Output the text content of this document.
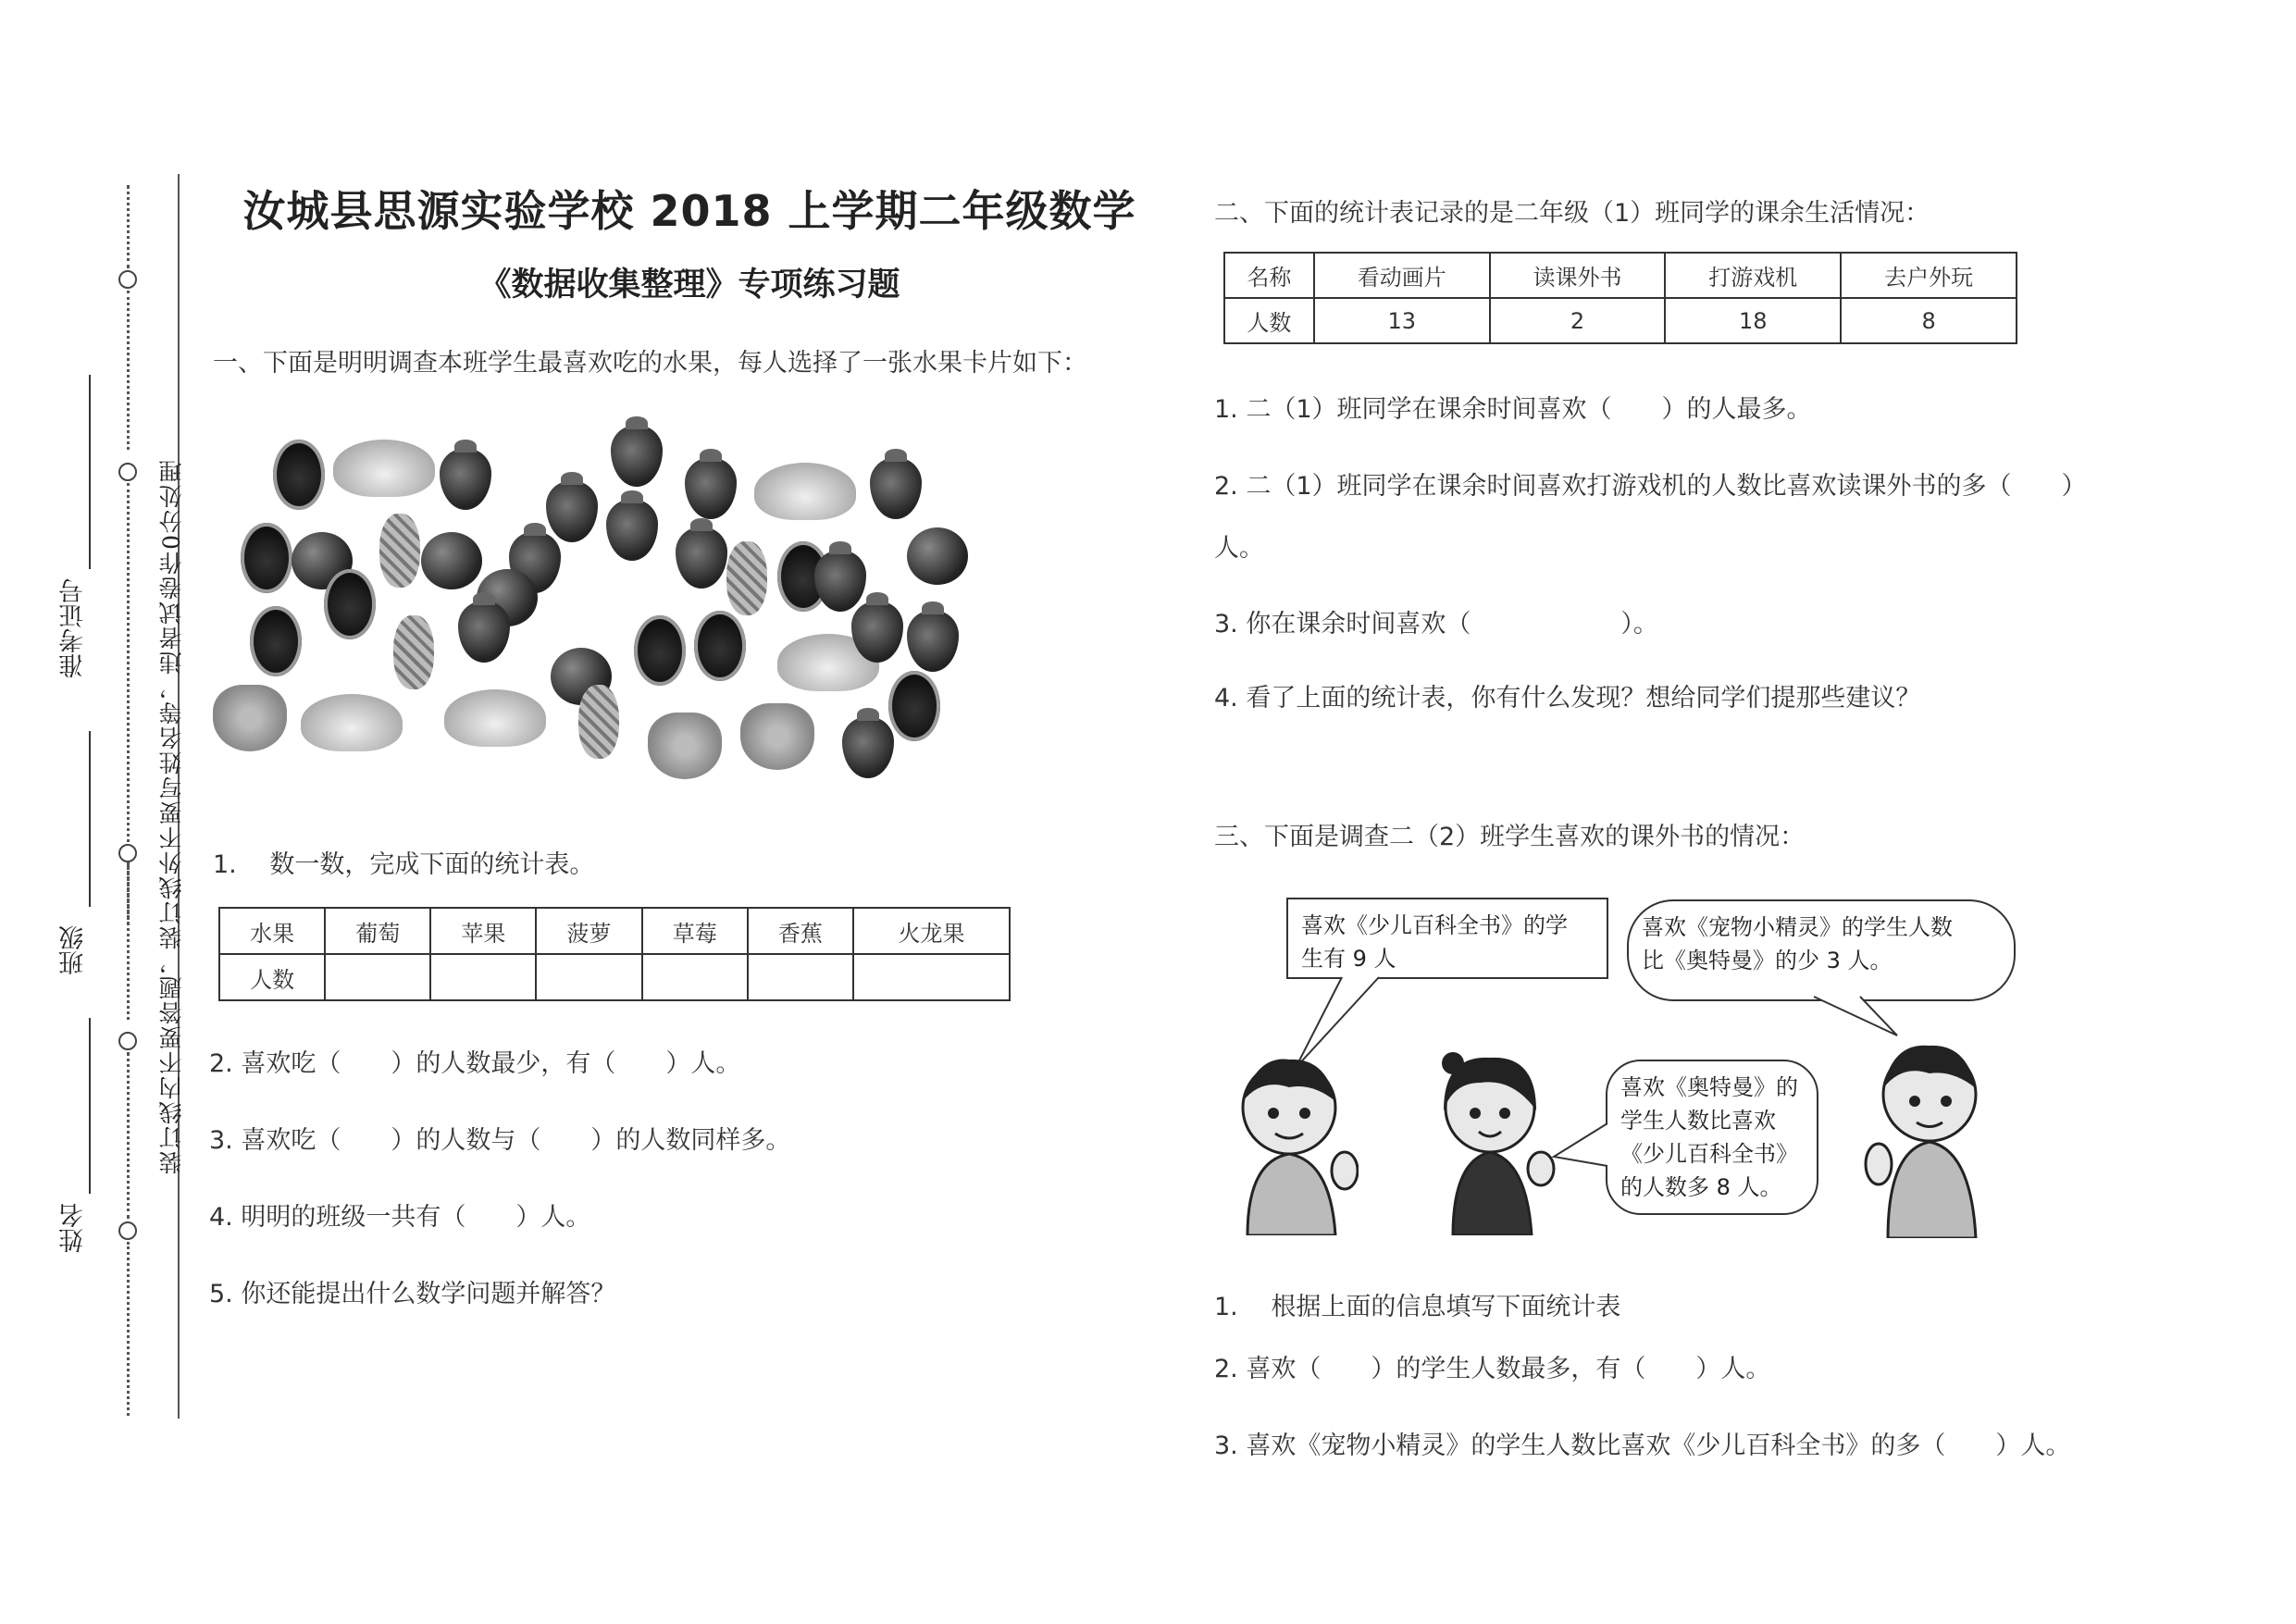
准考证号
班级
姓名
装订线内不要答题，装订线外不要写姓名等，违者试卷作0分处理
汝城县思源实验学校 2018 上学期二年级数学
《数据收集整理》专项练习题
一、下面是明明调查本班学生最喜欢吃的水果，每人选择了一张水果卡片如下：
1.　 数一数，完成下面的统计表。
水果	葡萄	苹果	菠萝	草莓	香蕉	火龙果
人数						
2. 喜欢吃（　　）的人数最少，有（　　）人。
3. 喜欢吃（　　）的人数与（　　）的人数同样多。
4. 明明的班级一共有（　　）人。
5. 你还能提出什么数学问题并解答？
二、下面的统计表记录的是二年级（1）班同学的课余生活情况：
名称	看动画片	读课外书	打游戏机	去户外玩
人数	13	2	18	8
1. 二（1）班同学在课余时间喜欢（　　）的人最多。
2. 二（1）班同学在课余时间喜欢打游戏机的人数比喜欢读课外书的多（　　）
人。
3. 你在课余时间喜欢（　　　　　　）。
4. 看了上面的统计表，你有什么发现？想给同学们提那些建议？
三、下面是调查二（2）班学生喜欢的课外书的情况：
喜欢《少儿百科全书》的学
生有 9 人
喜欢《宠物小精灵》的学生人数
比《奥特曼》的少 3 人。
喜欢《奥特曼》的
学生人数比喜欢
《少儿百科全书》
的人数多 8 人。
1.　 根据上面的信息填写下面统计表
2. 喜欢（　　）的学生人数最多，有（　　）人。
3. 喜欢《宠物小精灵》的学生人数比喜欢《少儿百科全书》的多（　　）人。
